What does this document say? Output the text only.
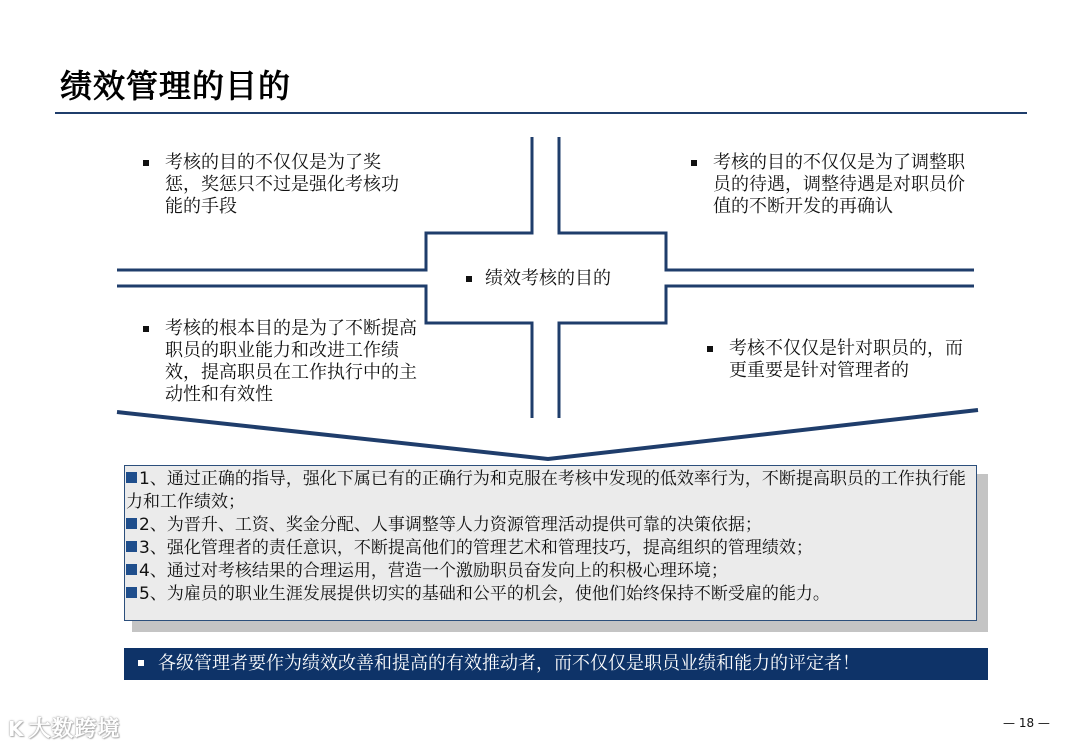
绩效管理的目的
考核的目的不仅仅是为了奖惩，奖惩只不过是强化考核功能的手段
考核的目的不仅仅是为了调整职员的待遇，调整待遇是对职员价值的不断开发的再确认
考核的根本目的是为了不断提高职员的职业能力和改进工作绩效，提高职员在工作执行中的主动性和有效性
考核不仅仅是针对职员的，而更重要是针对管理者的
绩效考核的目的
1、通过正确的指导，强化下属已有的正确行为和克服在考核中发现的低效率行为，不断提高职员的工作执行能力和工作绩效；
2、为晋升、工资、奖金分配、人事调整等人力资源管理活动提供可靠的决策依据；
3、强化管理者的责任意识，不断提高他们的管理艺术和管理技巧，提高组织的管理绩效；
4、通过对考核结果的合理运用，营造一个激励职员奋发向上的积极心理环境；
5、为雇员的职业生涯发展提供切实的基础和公平的机会，使他们始终保持不断受雇的能力。
各级管理者要作为绩效改善和提高的有效推动者，而不仅仅是职员业绩和能力的评定者！
K 大数跨境	— 18 —
